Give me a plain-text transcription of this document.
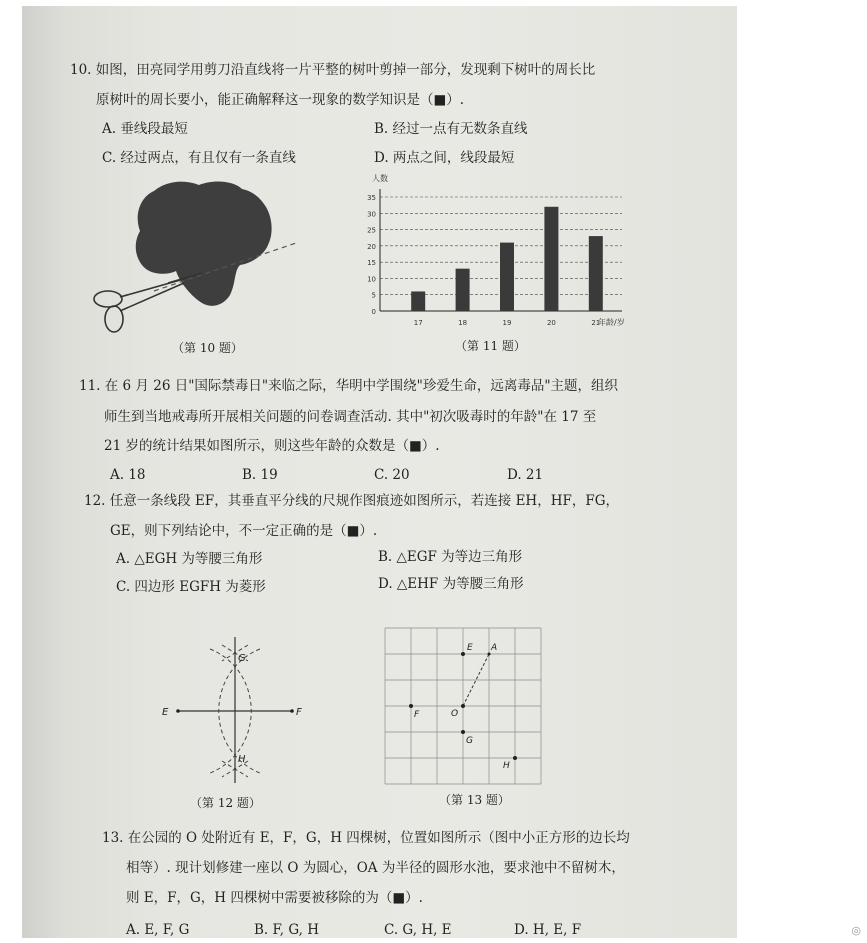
10. 如图，田亮同学用剪刀沿直线将一片平整的树叶剪掉一部分，发现剩下树叶的周长比
原树叶的周长要小，能正确解释这一现象的数学知识是（■）.
A. 垂线段最短	B. 经过一点有无数条直线
C. 经过两点，有且仅有一条直线	D. 两点之间，线段最短
（第 10 题）
人数
年龄/岁
0
5
10
15
20
25
30
35
17	18	19	20	21
（第 11 题）
11. 在 6 月 26 日"国际禁毒日"来临之际，华明中学围绕"珍爱生命，远离毒品"主题，组织
师生到当地戒毒所开展相关问题的问卷调查活动. 其中"初次吸毒时的年龄"在 17 至
21 岁的统计结果如图所示，则这些年龄的众数是（■）.
A. 18	B. 19	C. 20	D. 21
12. 任意一条线段 EF，其垂直平分线的尺规作图痕迹如图所示，若连接 EH，HF，FG，
GE，则下列结论中，不一定正确的是（■）.
A. △EGH 为等腰三角形	B. △EGF 为等边三角形
C. 四边形 EGFH 为菱形	D. △EHF 为等腰三角形
G
H
E	F
（第 12 题）
E A
F	O
G
H
（第 13 题）
13. 在公园的 O 处附近有 E，F，G，H 四棵树，位置如图所示（图中小正方形的边长均
相等）. 现计划修建一座以 O 为圆心，OA 为半径的圆形水池，要求池中不留树木，
则 E，F，G，H 四棵树中需要被移除的为（■）.
A. E, F, G	B. F, G, H	C. G, H, E	D. H, E, F	◎
